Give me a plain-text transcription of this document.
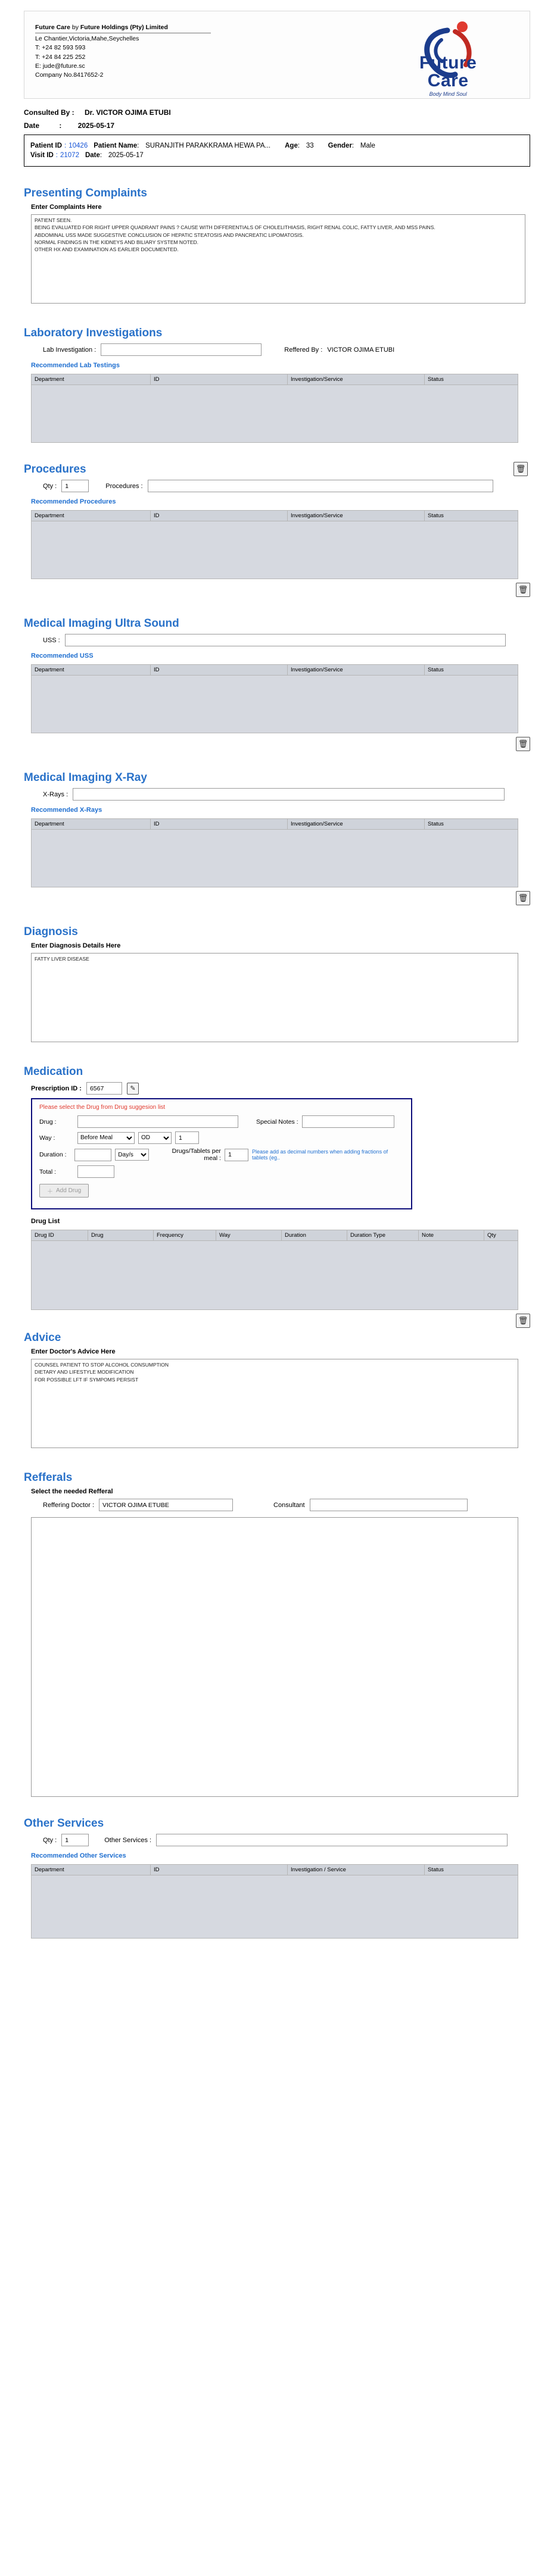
Future Care by Future Holdings (Pty) Limited
Le Chantier,Victoria,Mahe,Seychelles
T: +24 82 593 593
T: +24 84 225 252
E: jude@future.sc
Company No.8417652-2
Future
Care
Body Mind Soul
Consulted By : Dr. VICTOR OJIMA ETUBI
Date	: 2025-05-17
Patient ID : 10426 Patient Name : SURANJITH PARAKKRAMA HEWA PA... Age : 33 Gender : Male
Visit ID : 21072 Date : 2025-05-17
Presenting Complaints
Enter Complaints Here
PATIENT SEEN. BEING EVALUATED FOR RIGHT UPPER QUADRANT PAINS ? CAUSE WITH DIFFERENTIALS OF CHOLELITHIASIS, RIGHT RENAL COLIC, FATTY LIVER, AND MSS PAINS. ABDOMINAL USS MADE SUGGESTIVE CONCLUSION OF HEPATIC STEATOSIS AND PANCREATIC LIPOMATOSIS. NORMAL FINDINGS IN THE KIDNEYS AND BILIARY SYSTEM NOTED. OTHER HX AND EXAMINATION AS EARLIER DOCUMENTED.
Laboratory Investigations
Lab Investigation :	Reffered By : VICTOR OJIMA ETUBI
Recommended Lab Testings
Department	ID	Investigation/Service	Status
Procedures	🗑
Qty :
1	Procedures :
Recommended Procedures
Department	ID	Investigation/Service	Status
🗑
Medical Imaging Ultra Sound
USS :
Recommended USS
Department	ID	Investigation/Service	Status
🗑
Medical Imaging X-Ray
X-Rays :
Recommended X-Rays
Department	ID	Investigation/Service	Status
🗑
Diagnosis
Enter Diagnosis Details Here
FATTY LIVER DISEASE
Medication
Prescription ID :
6567	✎
Please select the Drug from Drug suggesion list
Drug :	Special Notes :
Way :
Before Meal
OD
1
Duration :
Day/s	Drugs/Tablets per meal :
1
Please add as decimal numbers when adding fractions of tablets (eg..
Total :
＋ Add Drug
Drug List
Drug ID	Drug	Frequency	Way	Duration	Duration Type	Note	Qty
🗑
Advice
Enter Doctor's Advice Here
COUNSEL PATIENT TO STOP ALCOHOL CONSUMPTION DIETARY AND LIFESTYLE MODIFICATION FOR POSSIBLE LFT IF SYMPOMS PERSIST
Refferals
Select the needed Refferal
Reffering Doctor :
VICTOR OJIMA ETUBE	Consultant
Other Services
Qty :
1	Other Services :
Recommended Other Services
Department	ID	Investigation / Service	Status
